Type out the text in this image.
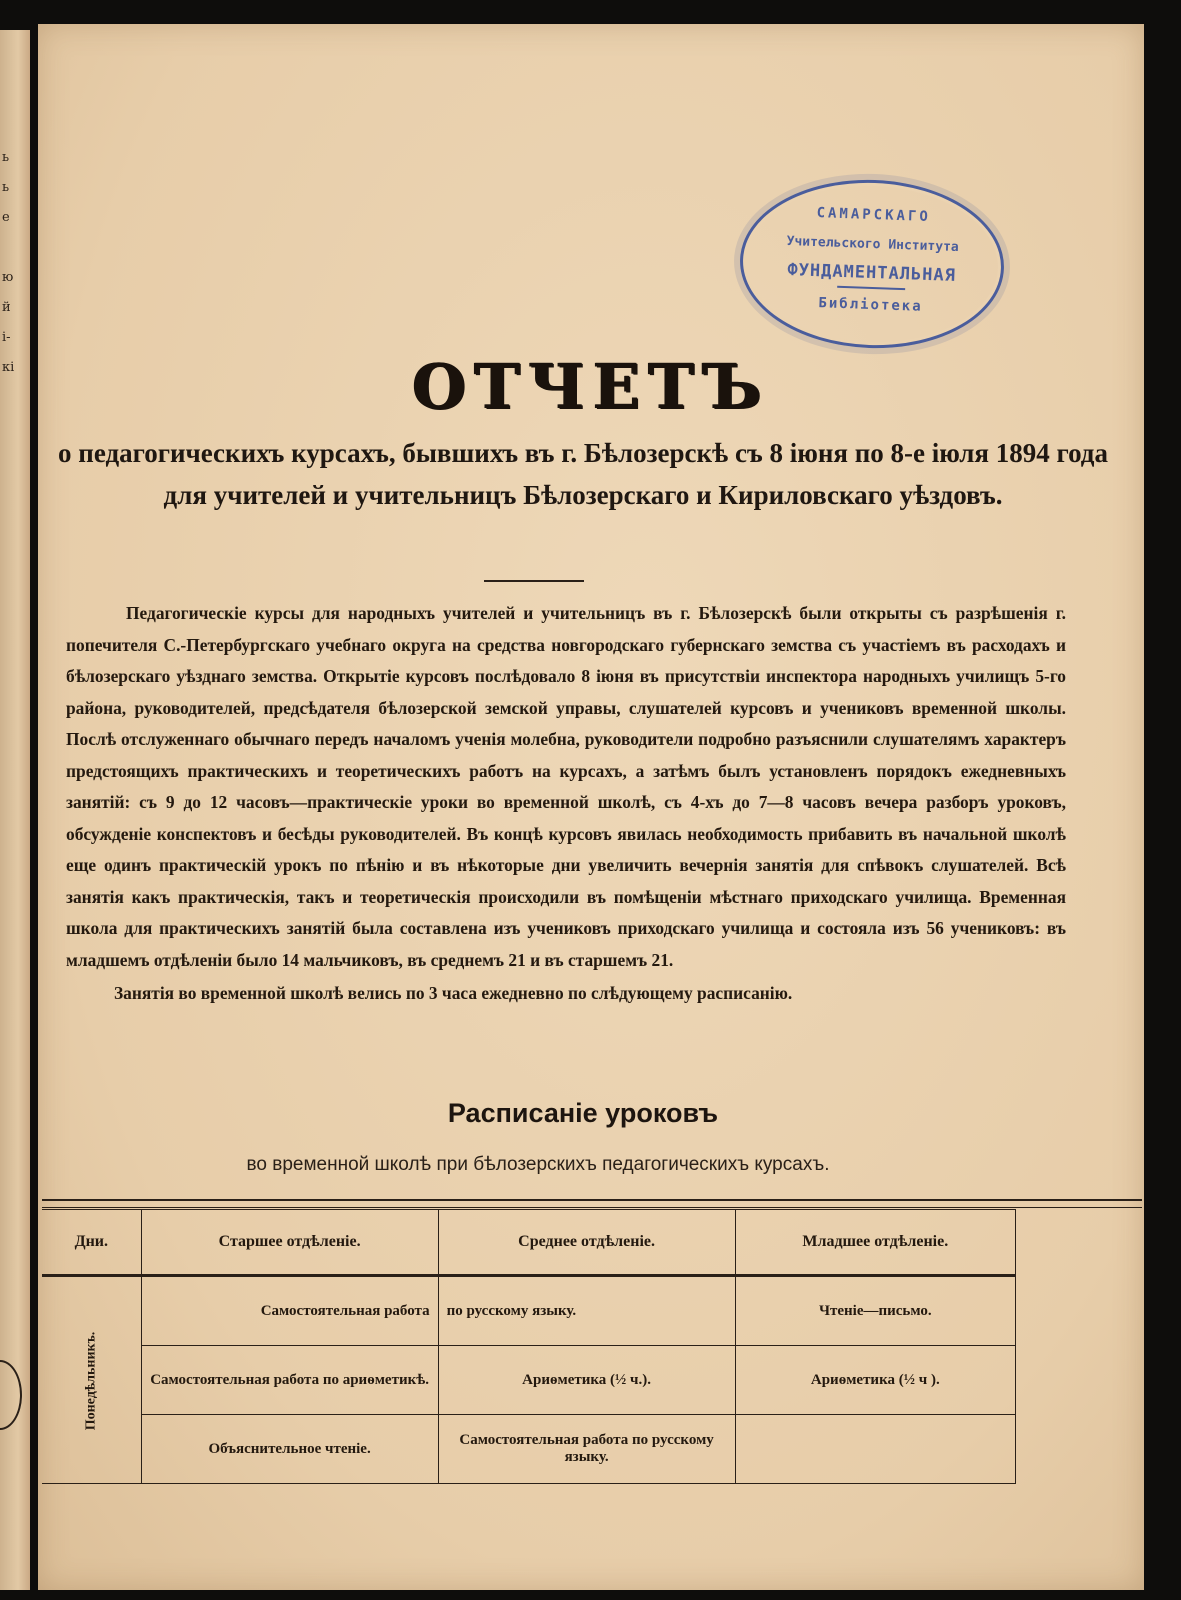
ь
ь
е
ю
й
і-
кі
САМАРСКАГО
Учительского Института
ФУНДАМЕНТАЛЬНАЯ
Библіотека
ОТЧЕТЪ
о педагогическихъ курсахъ, бывшихъ въ г. Бѣлозерскѣ съ 8 іюня по 8-е іюля 1894 года для учителей и учительницъ Бѣлозерскаго и Кириловскаго уѣздовъ.

Педагогическіе курсы для народныхъ учителей и учительницъ въ г. Бѣлозерскѣ были открыты съ разрѣшенія г. попечителя С.-Петербургскаго учебнаго округа на средства новгородскаго губернскаго земства съ участіемъ въ расходахъ и бѣлозерскаго уѣзднаго земства. Открытіе курсовъ послѣдовало 8 іюня въ присутствіи инспектора народныхъ училищъ 5-го района, руководителей, предсѣдателя бѣлозерской земской управы, слушателей курсовъ и учениковъ временной школы. Послѣ отслуженнаго обычнаго передъ началомъ ученія молебна, руководители подробно разъяснили слушателямъ характеръ предстоящихъ практическихъ и теоретическихъ работъ на курсахъ, а затѣмъ былъ установленъ порядокъ ежедневныхъ занятій: съ 9 до 12 часовъ—практическіе уроки во временной школѣ, съ 4-хъ до 7—8 часовъ вечера разборъ уроковъ, обсужденіе конспектовъ и бесѣды руководителей. Въ концѣ курсовъ явилась необходимость прибавить въ начальной школѣ еще одинъ практическій урокъ по пѣнію и въ нѣкоторые дни увеличить вечернія занятія для спѣвокъ слушателей. Всѣ занятія какъ практическія, такъ и теоретическія происходили въ помѣщеніи мѣстнаго приходскаго училища. Временная школа для практическихъ занятій была составлена изъ учениковъ приходскаго училища и состояла изъ 56 учениковъ: въ младшемъ отдѣленіи было 14 мальчиковъ, въ среднемъ 21 и въ старшемъ 21.

Занятія во временной школѣ велись по 3 часа ежедневно по слѣдующему расписанію.

Расписаніе уроковъ
во временной школѣ при бѣлозерскихъ педагогическихъ курсахъ.
Дни.	Старшее отдѣленіе.	Среднее отдѣленіе.	Младшее отдѣленіе.
Понедѣльникъ.	Самостоятельная работа	по русскому языку.	Чтеніе—письмо.
	Самостоятельная работа по ариѳметикѣ.	Ариѳметика (½ ч.).	Ариѳметика (½ ч ).
	Объяснительное чтеніе.	Самостоятельная работа по русскому языку.	
